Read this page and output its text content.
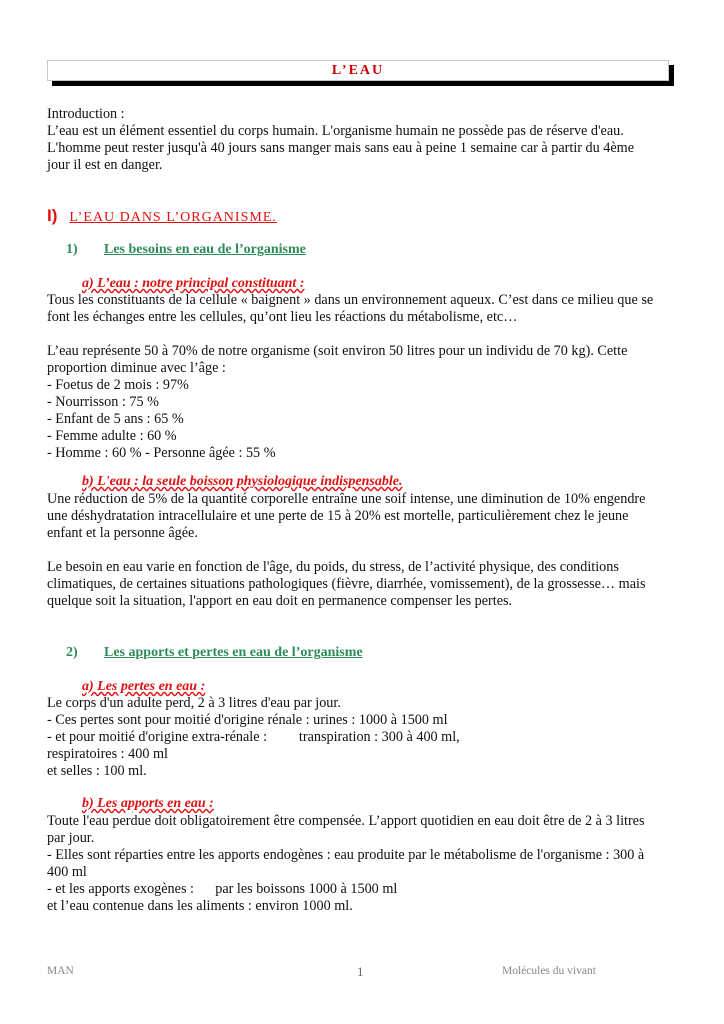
L’EAU
Introduction :
L’eau est un élément essentiel du corps humain. L'organisme humain ne possède pas de réserve d'eau.
L'homme peut rester jusqu'à 40 jours sans manger mais sans eau à peine 1 semaine car à partir du 4ème
jour il est en danger.
I) L’EAU DANS L’ORGANISME.
1) Les besoins en eau de l’organisme
a) L’eau : notre principal constituant :
Tous les constituants de la cellule « baignent » dans un environnement aqueux. C’est dans ce milieu que se
font les échanges entre les cellules, qu’ont lieu les réactions du métabolisme, etc…
L’eau représente 50 à 70% de notre organisme (soit environ 50 litres pour un individu de 70 kg). Cette
proportion diminue avec l’âge :
- Foetus de 2 mois : 97%
- Nourrisson : 75 %
- Enfant de 5 ans : 65 %
- Femme adulte : 60 %
- Homme : 60 % - Personne âgée : 55 %
b) L'eau : la seule boisson physiologique indispensable.
Une réduction de 5% de la quantité corporelle entraîne une soif intense, une diminution de 10% engendre
une déshydratation intracellulaire et une perte de 15 à 20% est mortelle, particulièrement chez le jeune
enfant et la personne âgée.
Le besoin en eau varie en fonction de l'âge, du poids, du stress, de l’activité physique, des conditions
climatiques, de certaines situations pathologiques (fièvre, diarrhée, vomissement), de la grossesse… mais
quelque soit la situation, l'apport en eau doit en permanence compenser les pertes.
2) Les apports et pertes en eau de l’organisme
a) Les pertes en eau :
Le corps d'un adulte perd, 2 à 3 litres d'eau par jour.
- Ces pertes sont pour moitié d'origine rénale : urines : 1000 à 1500 ml
- et pour moitié d'origine extra-rénale :         transpiration : 300 à 400 ml,
respiratoires : 400 ml
et selles : 100 ml.
b) Les apports en eau :
Toute l'eau perdue doit obligatoirement être compensée. L’apport quotidien en eau doit être de 2 à 3 litres
par jour.
- Elles sont réparties entre les apports endogènes : eau produite par le métabolisme de l'organisme : 300 à
400 ml
- et les apports exogènes :      par les boissons 1000 à 1500 ml
et l’eau contenue dans les aliments : environ 1000 ml.
MAN	1	Molécules du vivant
